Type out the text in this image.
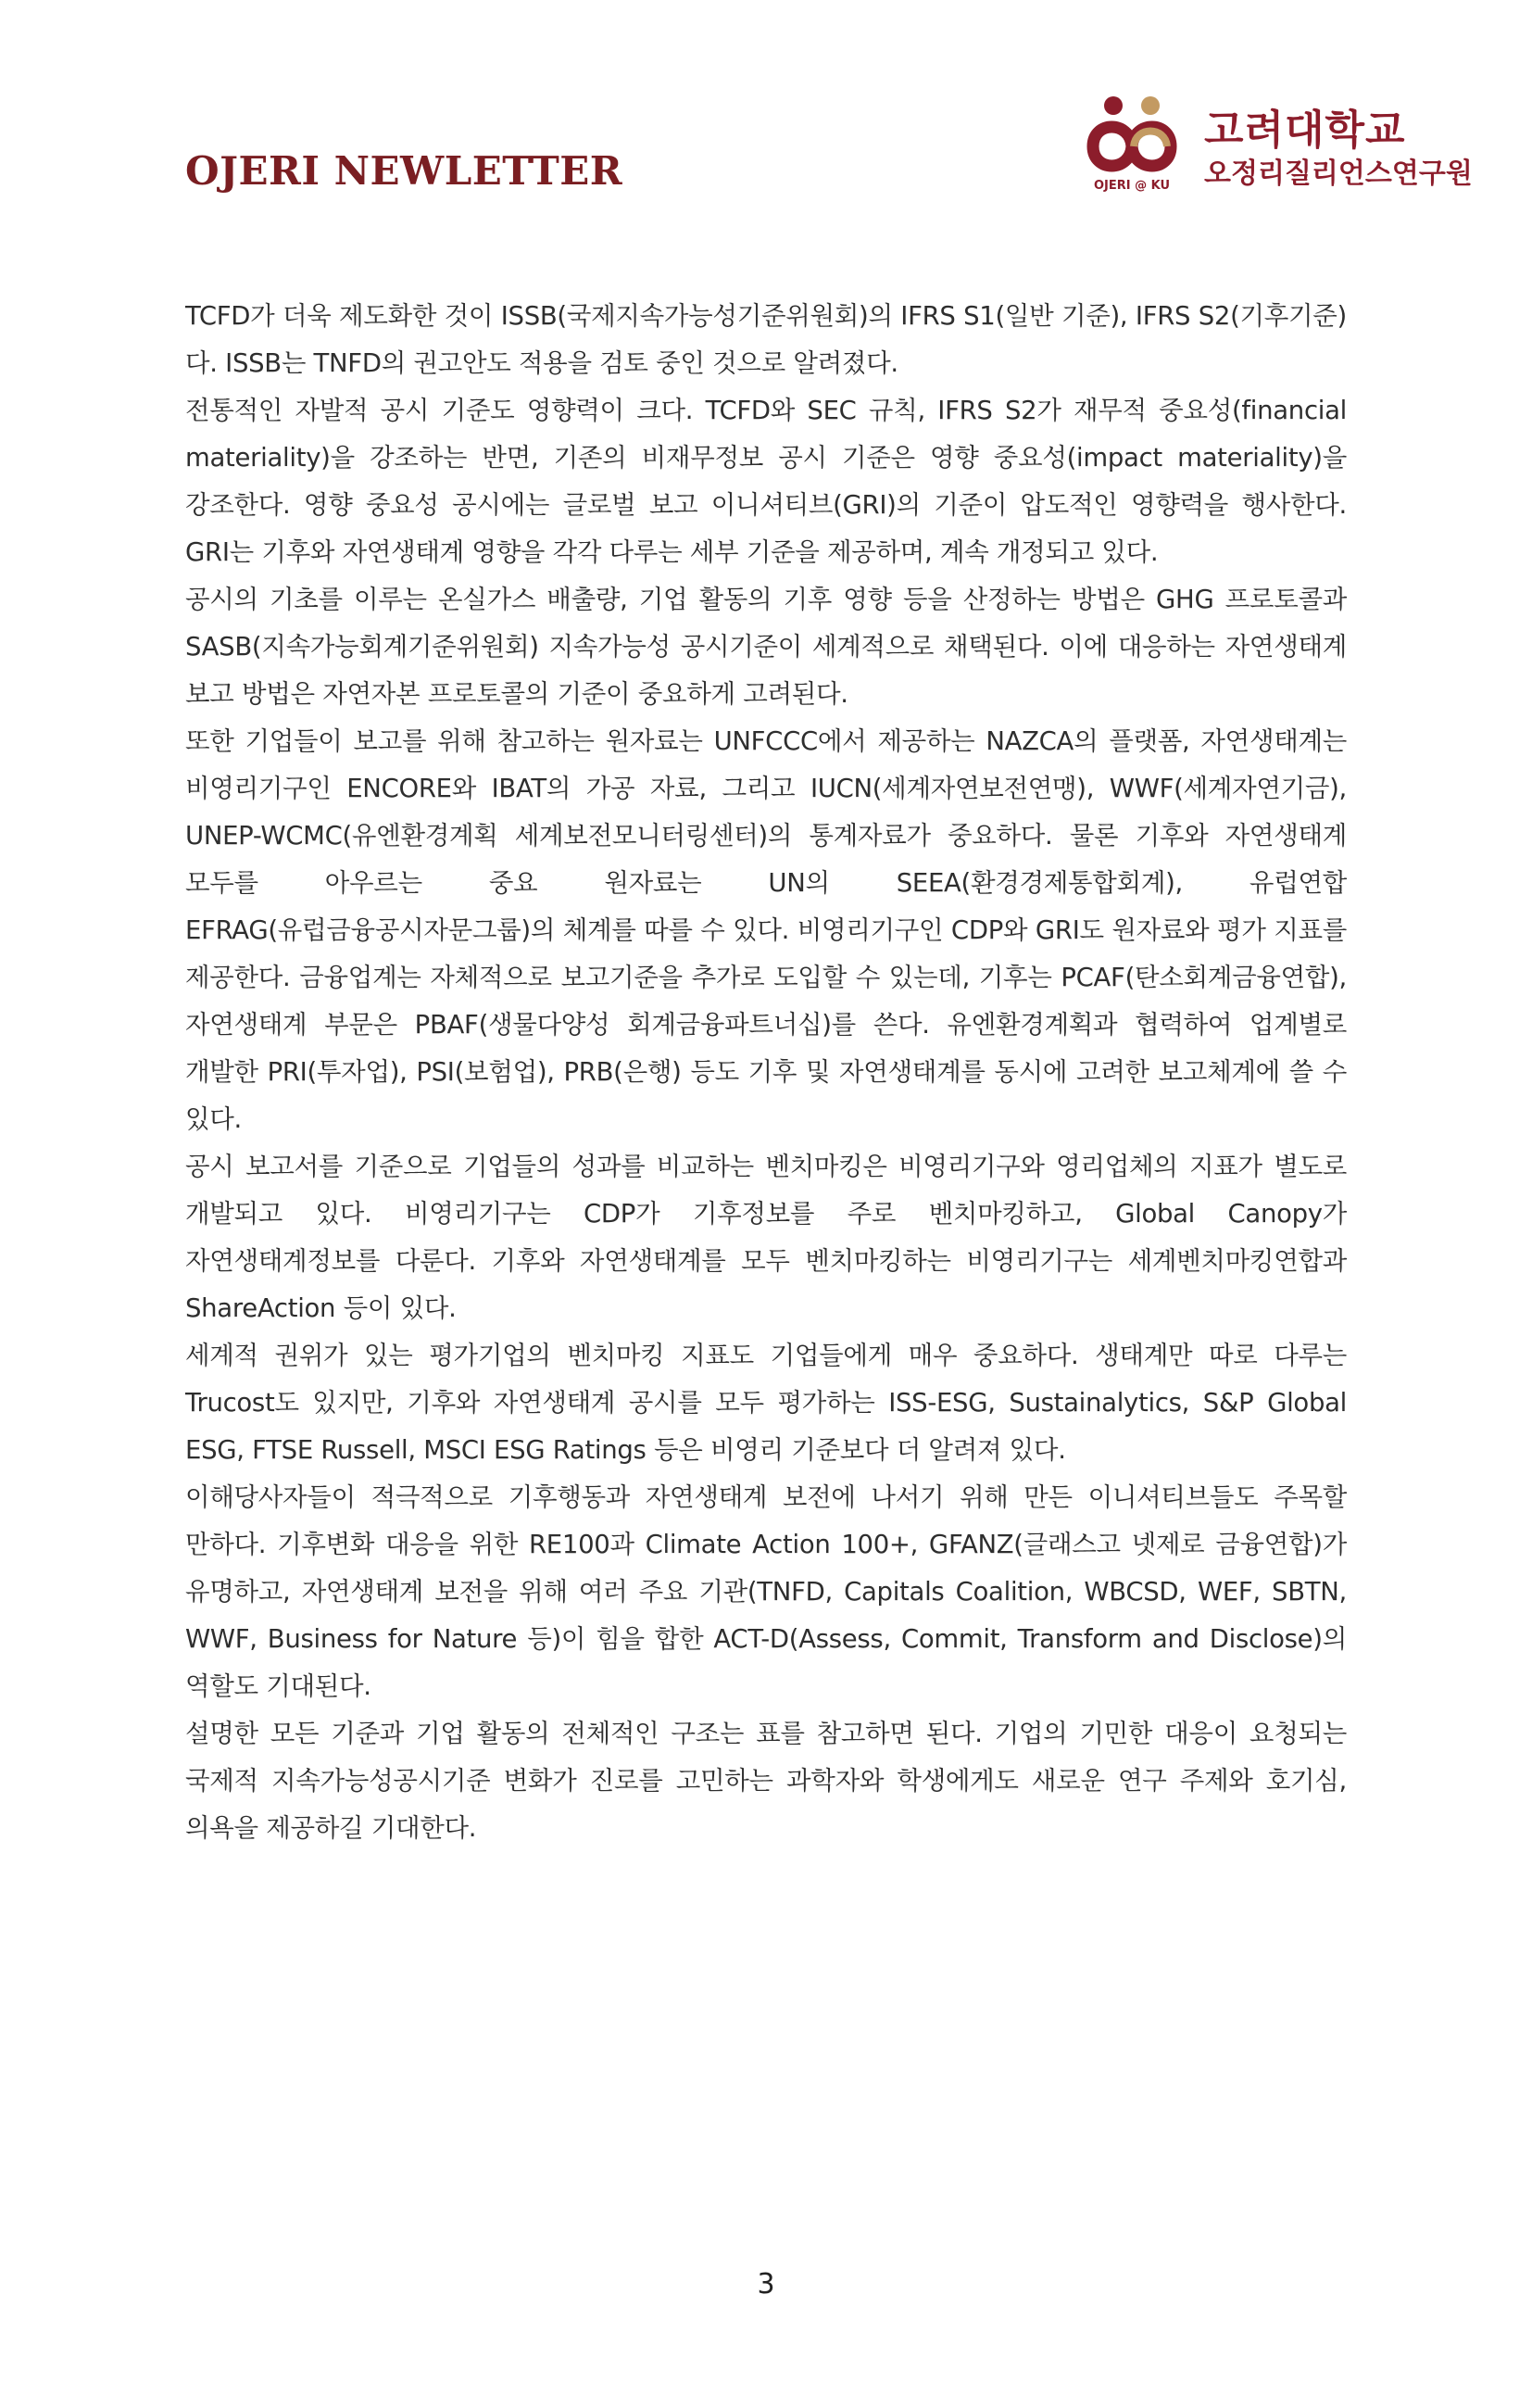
OJERI NEWLETTER	OJERI @ KU
고려대학교
오정리질리언스연구원

TCFD가 더욱 제도화한 것이 ISSB(국제지속가능성기준위원회)의 IFRS S1(일반 기준), IFRS S2(기후기준)다. ISSB는 TNFD의 권고안도 적용을 검토 중인 것으로 알려졌다.

전통적인 자발적 공시 기준도 영향력이 크다. TCFD와 SEC 규칙, IFRS S2가 재무적 중요성(financial materiality)을 강조하는 반면, 기존의 비재무정보 공시 기준은 영향 중요성(impact materiality)을 강조한다. 영향 중요성 공시에는 글로벌 보고 이니셔티브(GRI)의 기준이 압도적인 영향력을 행사한다. GRI는 기후와 자연생태계 영향을 각각 다루는 세부 기준을 제공하며, 계속 개정되고 있다.

공시의 기초를 이루는 온실가스 배출량, 기업 활동의 기후 영향 등을 산정하는 방법은 GHG 프로토콜과 SASB(지속가능회계기준위원회) 지속가능성 공시기준이 세계적으로 채택된다. 이에 대응하는 자연생태계 보고 방법은 자연자본 프로토콜의 기준이 중요하게 고려된다.

또한 기업들이 보고를 위해 참고하는 원자료는 UNFCCC에서 제공하는 NAZCA의 플랫폼, 자연생태계는 비영리기구인 ENCORE와 IBAT의 가공 자료, 그리고 IUCN(세계자연보전연맹), WWF(세계자연기금), UNEP-WCMC(유엔환경계획 세계보전모니터링센터)의 통계자료가 중요하다. 물론 기후와 자연생태계 모두를 아우르는 중요 원자료는 UN의 SEEA(환경경제통합회계), 유럽연합 EFRAG(유럽금융공시자문그룹)의 체계를 따를 수 있다. 비영리기구인 CDP와 GRI도 원자료와 평가 지표를 제공한다. 금융업계는 자체적으로 보고기준을 추가로 도입할 수 있는데, 기후는 PCAF(탄소회계금융연합), 자연생태계 부문은 PBAF(생물다양성 회계금융파트너십)를 쓴다. 유엔환경계획과 협력하여 업계별로 개발한 PRI(투자업), PSI(보험업), PRB(은행) 등도 기후 및 자연생태계를 동시에 고려한 보고체계에 쓸 수 있다.

공시 보고서를 기준으로 기업들의 성과를 비교하는 벤치마킹은 비영리기구와 영리업체의 지표가 별도로 개발되고 있다. 비영리기구는 CDP가 기후정보를 주로 벤치마킹하고, Global Canopy가 자연생태계정보를 다룬다. 기후와 자연생태계를 모두 벤치마킹하는 비영리기구는 세계벤치마킹연합과 ShareAction 등이 있다.

세계적 권위가 있는 평가기업의 벤치마킹 지표도 기업들에게 매우 중요하다. 생태계만 따로 다루는 Trucost도 있지만, 기후와 자연생태계 공시를 모두 평가하는 ISS-ESG, Sustainalytics, S&P Global ESG, FTSE Russell, MSCI ESG Ratings 등은 비영리 기준보다 더 알려져 있다.

이해당사자들이 적극적으로 기후행동과 자연생태계 보전에 나서기 위해 만든 이니셔티브들도 주목할 만하다. 기후변화 대응을 위한 RE100과 Climate Action 100+, GFANZ(글래스고 넷제로 금융연합)가 유명하고, 자연생태계 보전을 위해 여러 주요 기관(TNFD, Capitals Coalition, WBCSD, WEF, SBTN, WWF, Business for Nature 등)이 힘을 합한 ACT-D(Assess, Commit, Transform and Disclose)의 역할도 기대된다.

설명한 모든 기준과 기업 활동의 전체적인 구조는 표를 참고하면 된다. 기업의 기민한 대응이 요청되는 국제적 지속가능성공시기준 변화가 진로를 고민하는 과학자와 학생에게도 새로운 연구 주제와 호기심, 의욕을 제공하길 기대한다.

3
